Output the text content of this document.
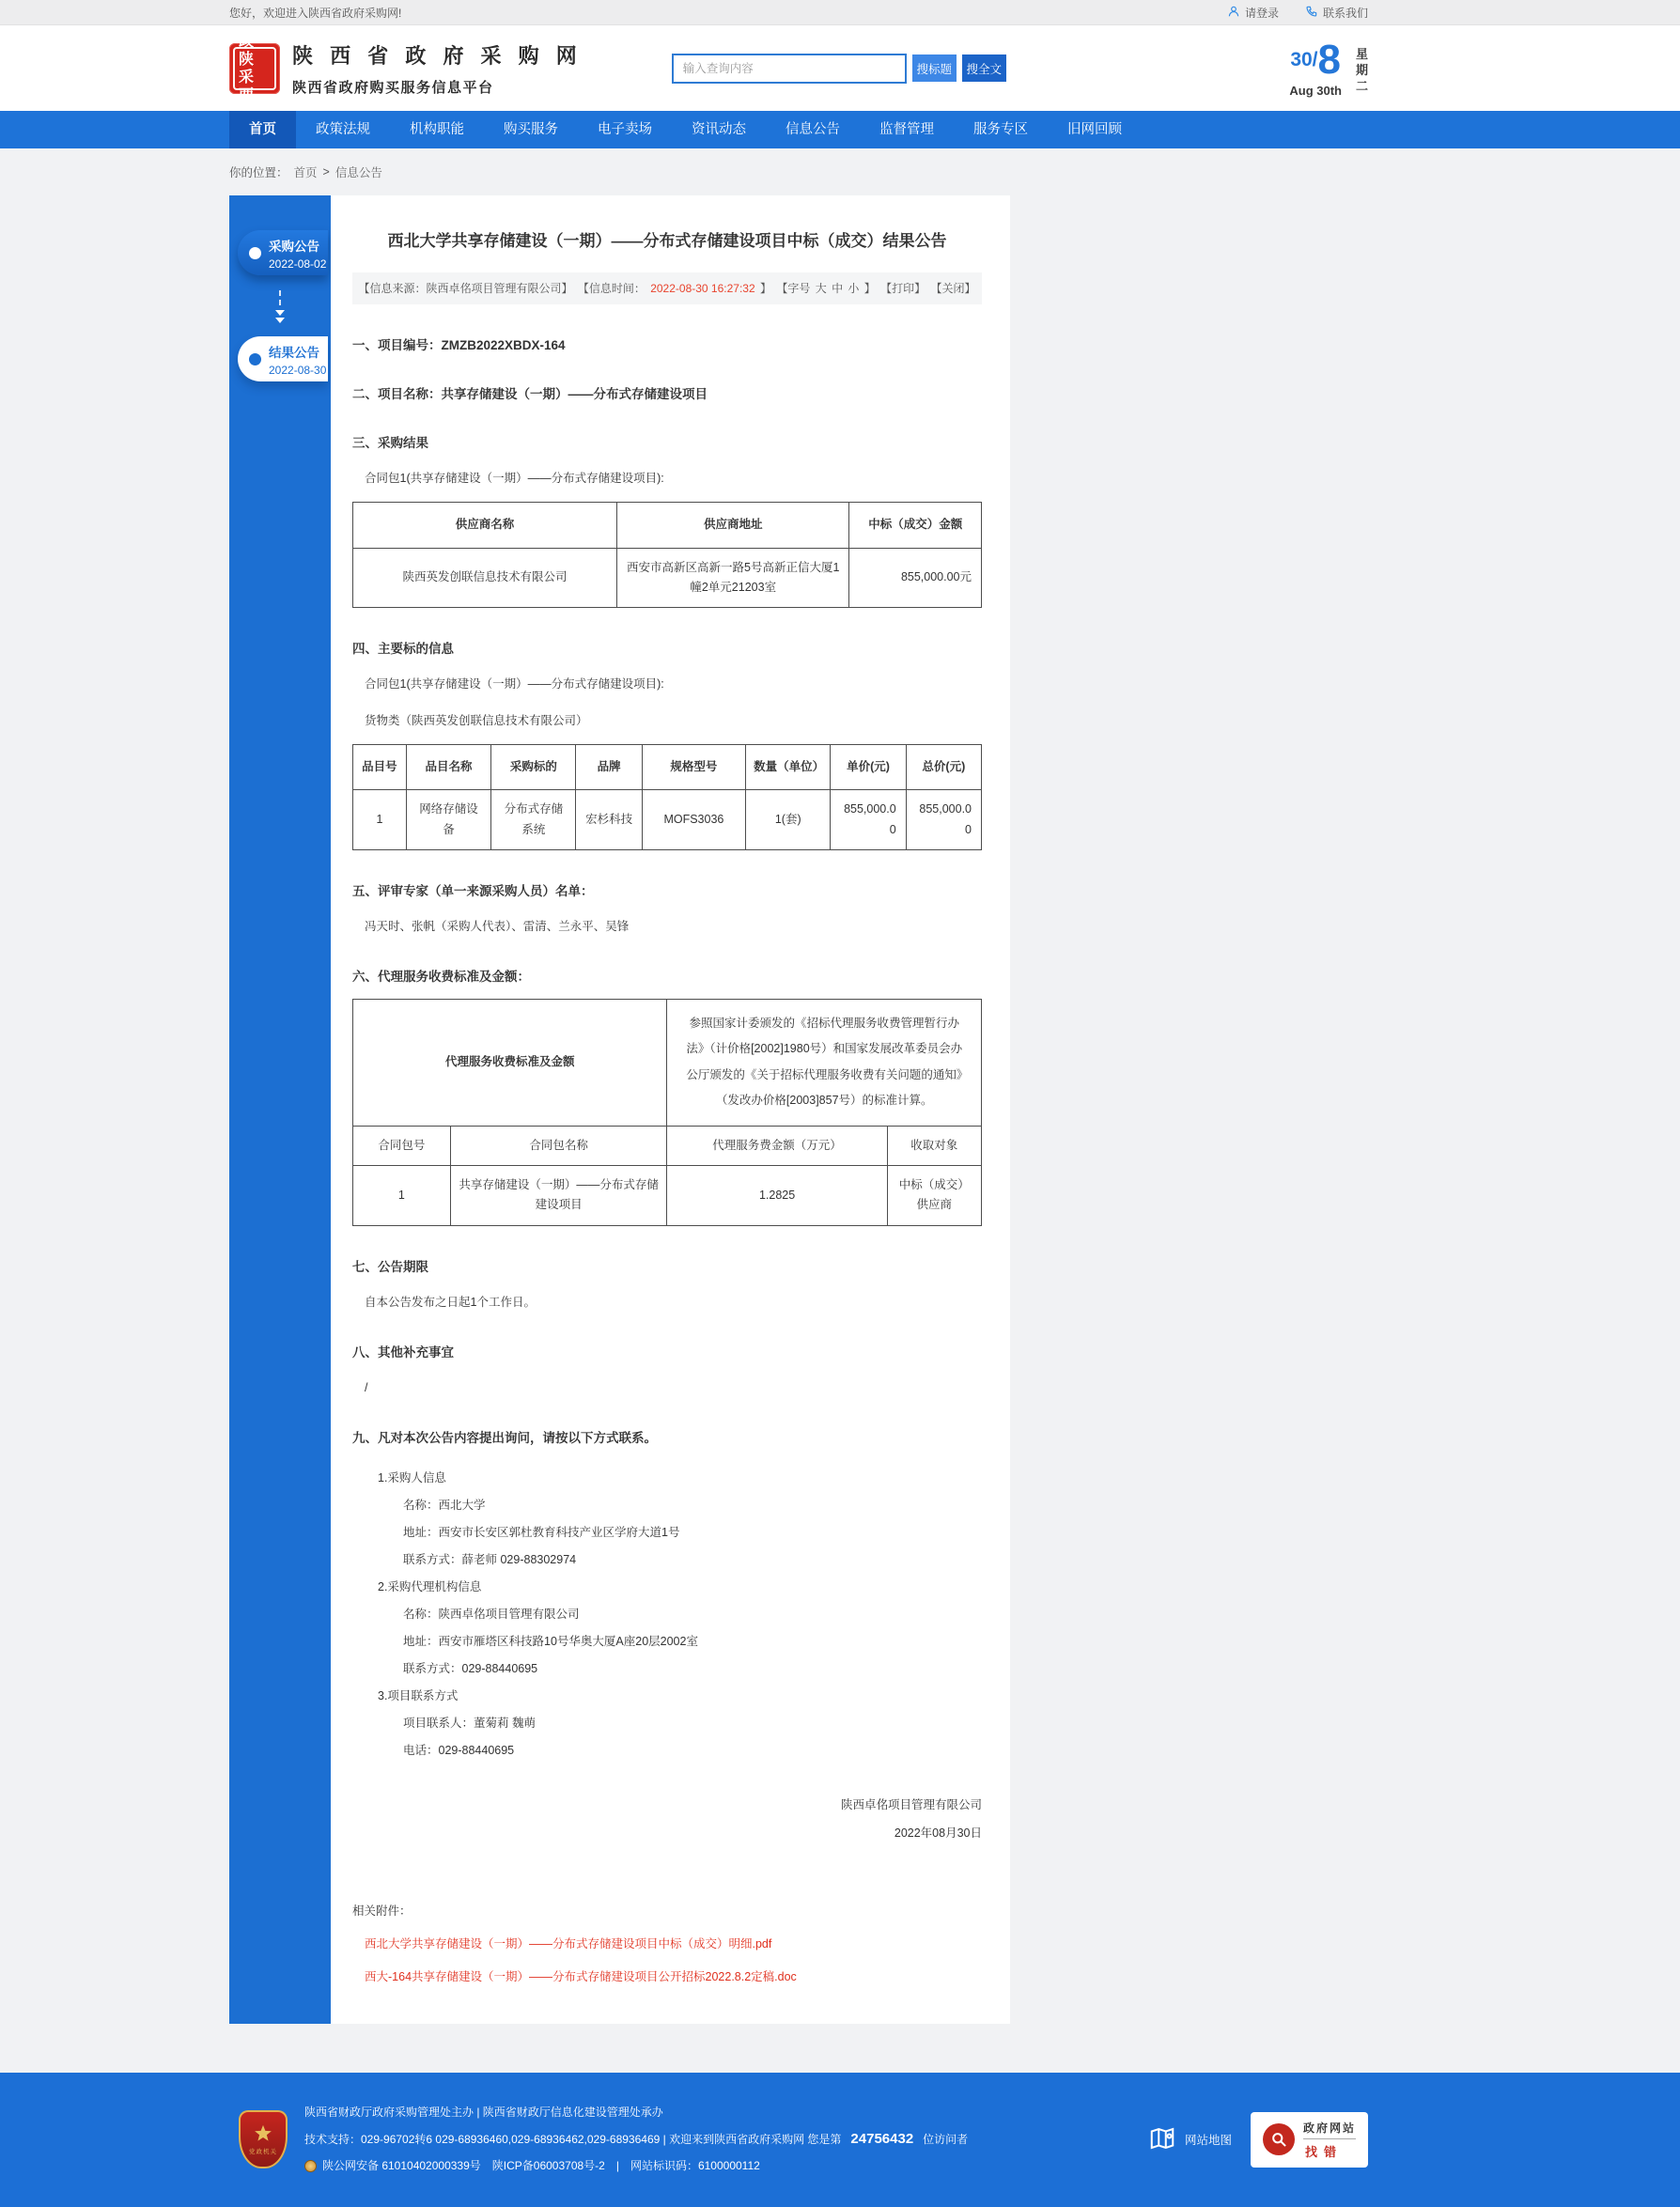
您好，欢迎进入陕西省政府采购网!	请登录	联系我们
政陕
采西
陕 西 省 政 府 采 购 网
陕西省政府购买服务信息平台
输入查询内容
搜标题	搜全文	30/ 8
Aug 30th
星
期
二
首页	政策法规	机构职能	购买服务	电子卖场	资讯动态	信息公告	监督管理	服务专区	旧网回顾
你的位置： 首页 > 信息公告
采购公告
2022-08-02
结果公告
2022-08-30
西北大学共享存储建设（一期）——分布式存储建设项目中标（成交）结果公告
【信息来源：陕西卓佲项目管理有限公司】 【信息时间： 2022-08-30 16:27:32 】 【字号 大 中 小 】 【打印】 【关闭】
一、项目编号：ZMZB2022XBDX-164
二、项目名称：共享存储建设（一期）——分布式存储建设项目
三、采购结果
合同包1(共享存储建设（一期）——分布式存储建设项目):
供应商名称	供应商地址	中标（成交）金额
陕西英发创联信息技术有限公司	西安市高新区高新一路5号高新正信大厦1幢2单元21203室	855,000.00元
四、主要标的信息
合同包1(共享存储建设（一期）——分布式存储建设项目):
货物类（陕西英发创联信息技术有限公司）
品目号	品目名称	采购标的	品牌	规格型号	数量（单位）	单价(元)	总价(元)
1	网络存储设备	分布式存储系统	宏杉科技	MOFS3036	1(套)	855,000.00	855,000.00
五、评审专家（单一来源采购人员）名单：
冯天时、张帆（采购人代表）、雷清、兰永平、吴锋
六、代理服务收费标准及金额：
代理服务收费标准及金额		参照国家计委颁发的《招标代理服务收费管理暂行办法》（计价格[2002]1980号）和国家发展改革委员会办公厅颁发的《关于招标代理服务收费有关问题的通知》（发改办价格[2003]857号）的标准计算。	
合同包号	合同包名称	代理服务费金额（万元）	收取对象
1	共享存储建设（一期）——分布式存储建设项目	1.2825	中标（成交）供应商
七、公告期限
自本公告发布之日起1个工作日。
八、其他补充事宜
/
九、凡对本次公告内容提出询问，请按以下方式联系。
1.采购人信息
名称：西北大学
地址：西安市长安区郭杜教育科技产业区学府大道1号
联系方式：薛老师 029-88302974
2.采购代理机构信息
名称：陕西卓佲项目管理有限公司
地址：西安市雁塔区科技路10号华奥大厦A座20层2002室
联系方式：029-88440695
3.项目联系方式
项目联系人：董菊莉 魏萌
电话：029-88440695
陕西卓佲项目管理有限公司
2022年08月30日
相关附件：
西北大学共享存储建设（一期）——分布式存储建设项目中标（成交）明细.pdf
西大-164共享存储建设（一期）——分布式存储建设项目公开招标2022.8.2定稿.doc
党政机关
陕西省财政厅政府采购管理处主办 | 陕西省财政厅信息化建设管理处承办
技术支持：029-96702转6 029-68936460,029-68936462,029-68936469 | 欢迎来到陕西省政府采购网 您是第 24756432 位访问者
陕公网安备 61010402000339号　陕ICP备06003708号-2　|　网站标识码：6100000112
网站地图
政府网站
找错
